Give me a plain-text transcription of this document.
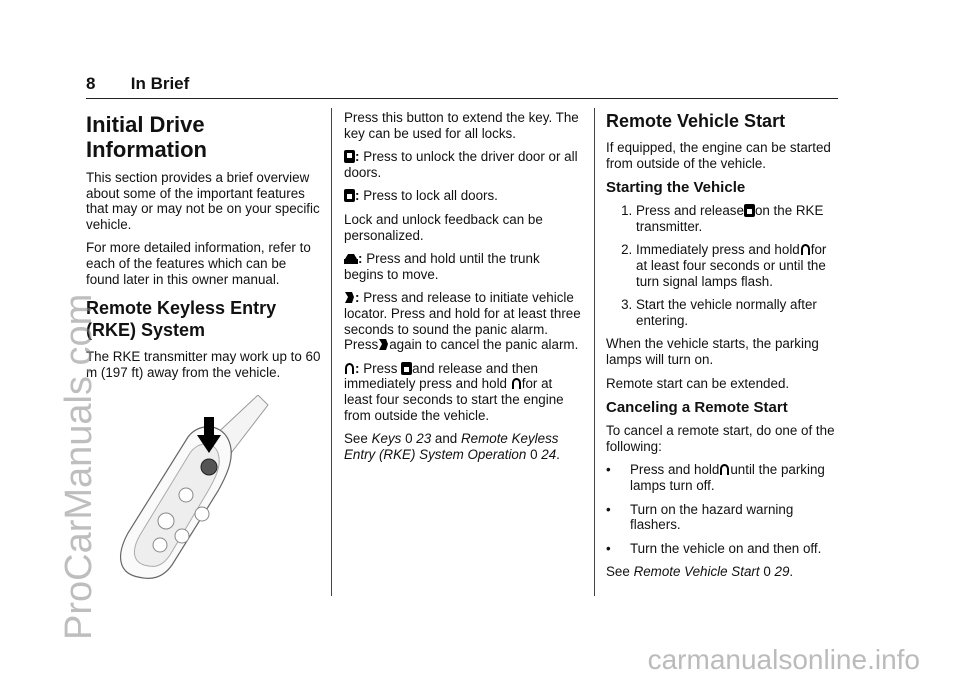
8 In Brief
Initial Drive Information

This section provides a brief overview about some of the important features that may or may not be on your specific vehicle.

For more detailed information, refer to each of the features which can be found later in this owner manual.

Remote Keyless Entry (RKE) System

The RKE transmitter may work up to 60 m (197 ft) away from the vehicle.

Press this button to extend the key. The key can be used for all locks.

: Press to unlock the driver door or all doors.

: Press to lock all doors.

Lock and unlock feedback can be personalized.

: Press and hold until the trunk begins to move.

: Press and release to initiate vehicle locator. Press and hold for at least three seconds to sound the panic alarm. Press again to cancel the panic alarm.

: Press and release and then immediately press and hold for at least four seconds to start the engine from outside the vehicle.

See Keys 0 23 and Remote Keyless Entry (RKE) System Operation 0 24.

Remote Vehicle Start

If equipped, the engine can be started from outside of the vehicle.

Starting the Vehicle
1. Press and release on the RKE transmitter.
2. Immediately press and hold for at least four seconds or until the turn signal lamps flash.
3. Start the vehicle normally after entering.

When the vehicle starts, the parking lamps will turn on.

Remote start can be extended.

Canceling a Remote Start

To cancel a remote start, do one of the following:

• Press and hold until the parking lamps turn off.
• Turn on the hazard warning flashers.
• Turn the vehicle on and then off.

See Remote Vehicle Start 0 29.

ProCarManuals.com
carmanualsonline.info
